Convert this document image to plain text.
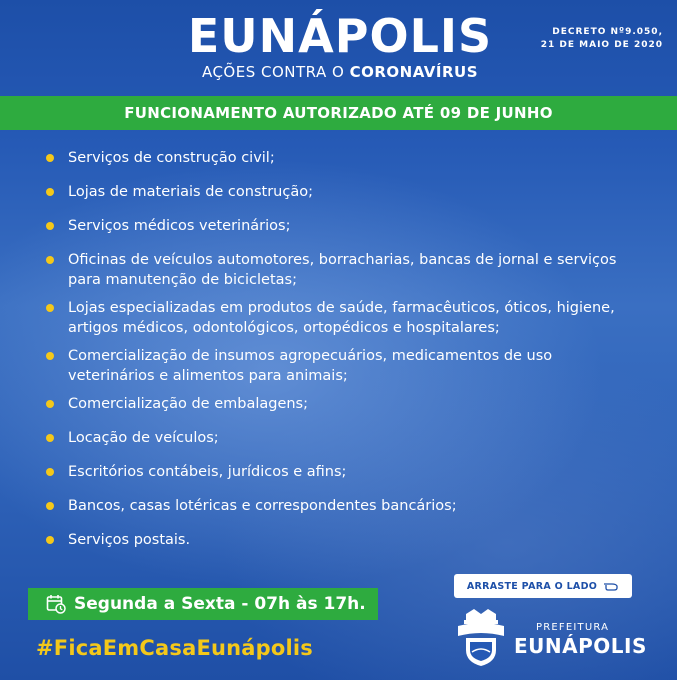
EUNÁPOLIS
AÇÕES CONTRA O CORONAVÍRUS
DECRETO Nº9.050,
21 DE MAIO DE 2020
FUNCIONAMENTO AUTORIZADO ATÉ 09 DE JUNHO
Serviços de construção civil;
Lojas de materiais de construção;
Serviços médicos veterinários;
Oficinas de veículos automotores, borracharias, bancas de jornal e serviços para manutenção de bicicletas;
Lojas especializadas em produtos de saúde, farmacêuticos, óticos, higiene, artigos médicos, odontológicos, ortopédicos e hospitalares;
Comercialização de insumos agropecuários, medicamentos de uso veterinários e alimentos para animais;
Comercialização de embalagens;
Locação de veículos;
Escritórios contábeis, jurídicos e afins;
Bancos, casas lotéricas e correspondentes bancários;
Serviços postais.
Segunda a Sexta - 07h às 17h.
#FicaEmCasaEunápolis
ARRASTE PARA O LADO
PREFEITURA
EUNÁPOLIS
